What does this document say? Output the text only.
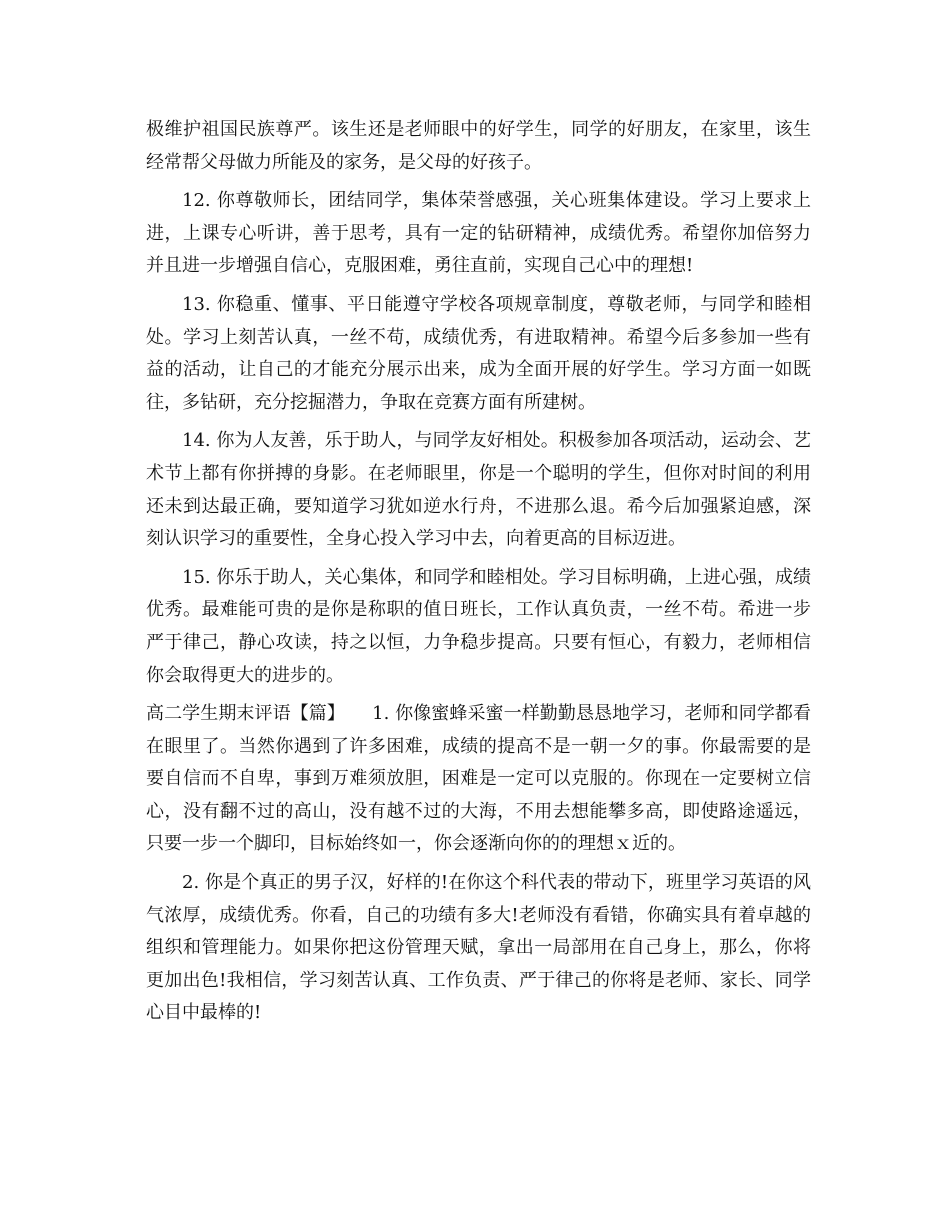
极维护祖国民族尊严。该生还是老师眼中的好学生，同学的好朋友，在家里，该生经常帮父母做力所能及的家务，是父母的好孩子。

12. 你尊敬师长，团结同学，集体荣誉感强，关心班集体建设。学习上要求上进，上课专心听讲，善于思考，具有一定的钻研精神，成绩优秀。希望你加倍努力并且进一步增强自信心，克服困难，勇往直前，实现自己心中的理想!

13. 你稳重、懂事、平日能遵守学校各项规章制度，尊敬老师，与同学和睦相处。学习上刻苦认真，一丝不苟，成绩优秀，有进取精神。希望今后多参加一些有益的活动，让自己的才能充分展示出来，成为全面开展的好学生。学习方面一如既往，多钻研，充分挖掘潜力，争取在竞赛方面有所建树。

14. 你为人友善，乐于助人，与同学友好相处。积极参加各项活动，运动会、艺术节上都有你拼搏的身影。在老师眼里，你是一个聪明的学生，但你对时间的利用还未到达最正确，要知道学习犹如逆水行舟，不进那么退。希今后加强紧迫感，深刻认识学习的重要性，全身心投入学习中去，向着更高的目标迈进。

15. 你乐于助人，关心集体，和同学和睦相处。学习目标明确，上进心强，成绩优秀。最难能可贵的是你是称职的值日班长，工作认真负责，一丝不苟。希进一步严于律己，静心攻读，持之以恒，力争稳步提高。只要有恒心，有毅力，老师相信你会取得更大的进步的。

高二学生期末评语【篇】　　1. 你像蜜蜂采蜜一样勤勤恳恳地学习，老师和同学都看在眼里了。当然你遇到了许多困难，成绩的提高不是一朝一夕的事。你最需要的是要自信而不自卑，事到万难须放胆，困难是一定可以克服的。你现在一定要树立信心，没有翻不过的高山，没有越不过的大海，不用去想能攀多高，即使路途遥远，只要一步一个脚印，目标始终如一，你会逐渐向你的的理想ｘ近的。

2. 你是个真正的男子汉，好样的!在你这个科代表的带动下，班里学习英语的风气浓厚，成绩优秀。你看，自己的功绩有多大!老师没有看错，你确实具有着卓越的组织和管理能力。如果你把这份管理天赋，拿出一局部用在自己身上，那么，你将更加出色!我相信，学习刻苦认真、工作负责、严于律己的你将是老师、家长、同学心目中最棒的!
